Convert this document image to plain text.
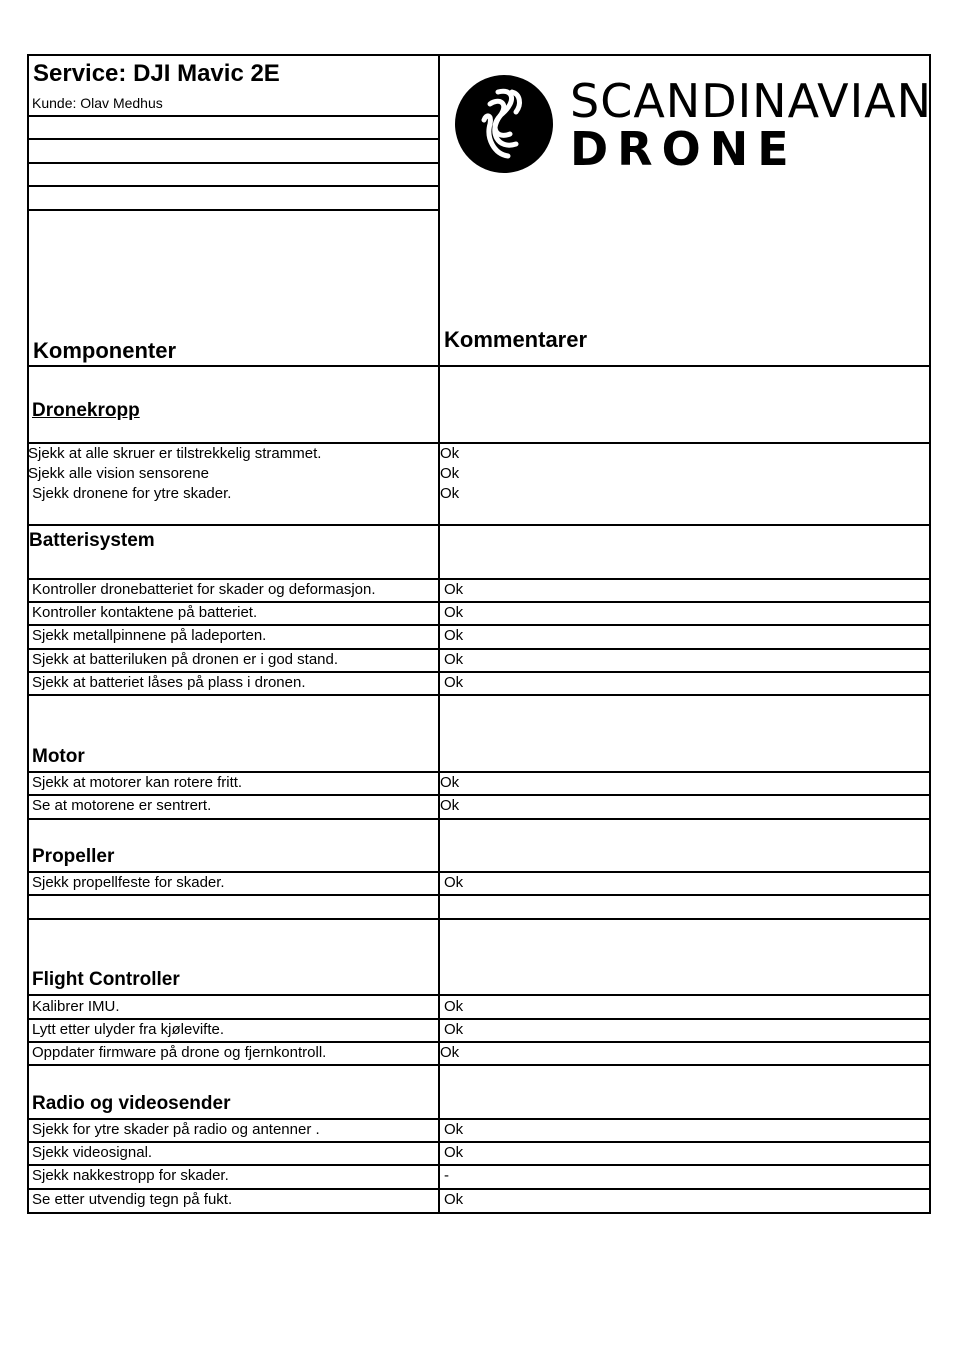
Service: DJI Mavic 2E
Kunde: Olav Medhus
Komponenter	Kommentarer
SCANDINAVIAN
DRONE
Dronekropp
Sjekk at alle skruer er tilstrekkelig strammet.	Ok
Sjekk alle vision sensorene	Ok
Sjekk dronene for ytre skader.	Ok
Batterisystem
Kontroller dronebatteriet for skader og deformasjon.	Ok
Kontroller kontaktene på batteriet.	Ok
Sjekk metallpinnene på ladeporten.	Ok
Sjekk at batteriluken på dronen er i god stand.	Ok
Sjekk at batteriet låses på plass i dronen.	Ok
Motor
Sjekk at motorer kan rotere fritt.	Ok
Se at motorene er sentrert.	Ok
Propeller
Sjekk propellfeste for skader.	Ok
Flight Controller
Kalibrer IMU.	Ok
Lytt etter ulyder fra kjølevifte.	Ok
Oppdater firmware på drone og fjernkontroll.	Ok
Radio og videosender
Sjekk for ytre skader på radio og antenner .	Ok
Sjekk videosignal.	Ok
Sjekk nakkestropp for skader.	-
Se etter utvendig tegn på fukt.	Ok
